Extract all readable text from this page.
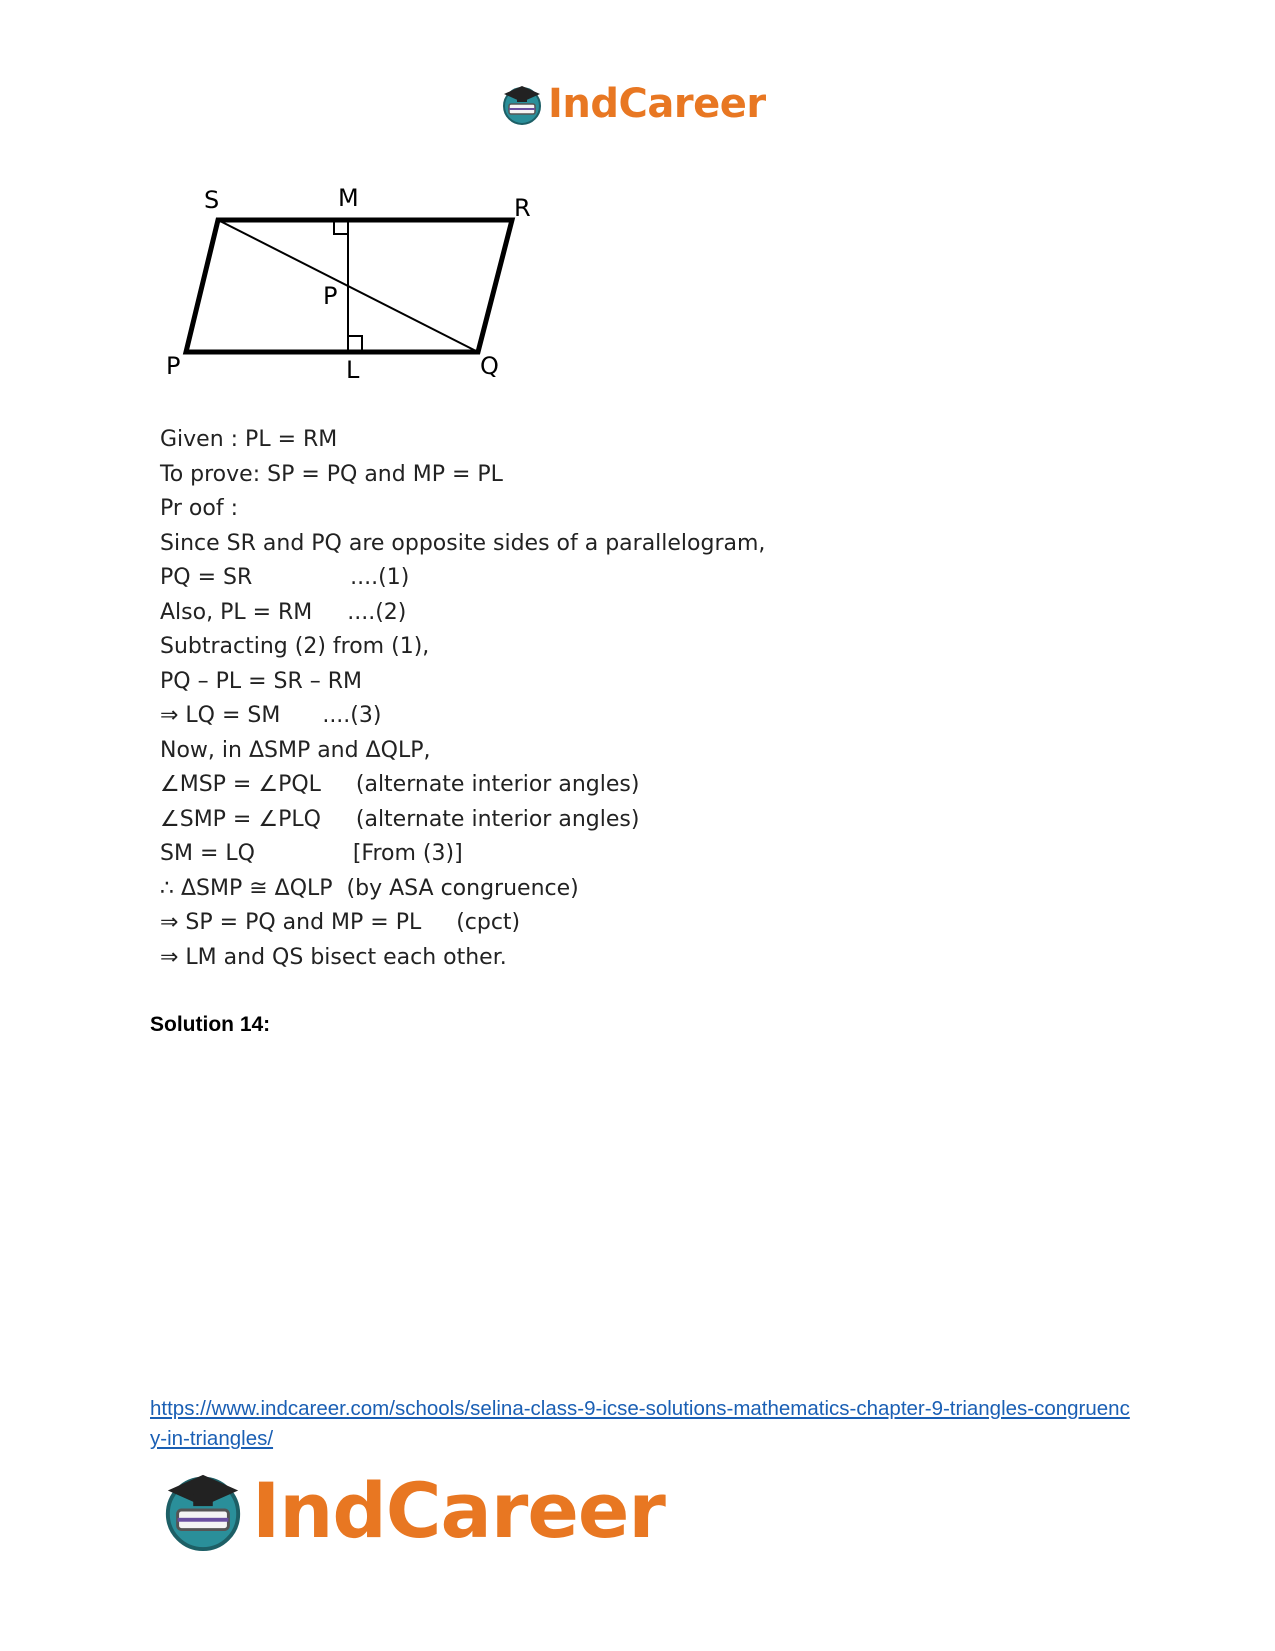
IndCareer
S	M	R
P
P	L	Q
Given : PL = RM
To prove: SP = PQ and MP = PL
Pr oof :
Since SR and PQ are opposite sides of a parallelogram,
PQ = SR              ....(1)
Also, PL = RM     ....(2)
Subtracting (2) from (1),
PQ – PL = SR – RM
⇒ LQ = SM      ....(3)
Now, in ΔSMP and ΔQLP,
∠MSP = ∠PQL     (alternate interior angles)
∠SMP = ∠PLQ     (alternate interior angles)
SM = LQ              [From (3)]
∴ ΔSMP ≅ ΔQLP  (by ASA congruence)
⇒ SP = PQ and MP = PL     (cpct)
⇒ LM and QS bisect each other.
Solution 14:
https://www.indcareer.com/schools/selina-class-9-icse-solutions-mathematics-chapter-9-triangles-congruency-in-triangles/
IndCareer
